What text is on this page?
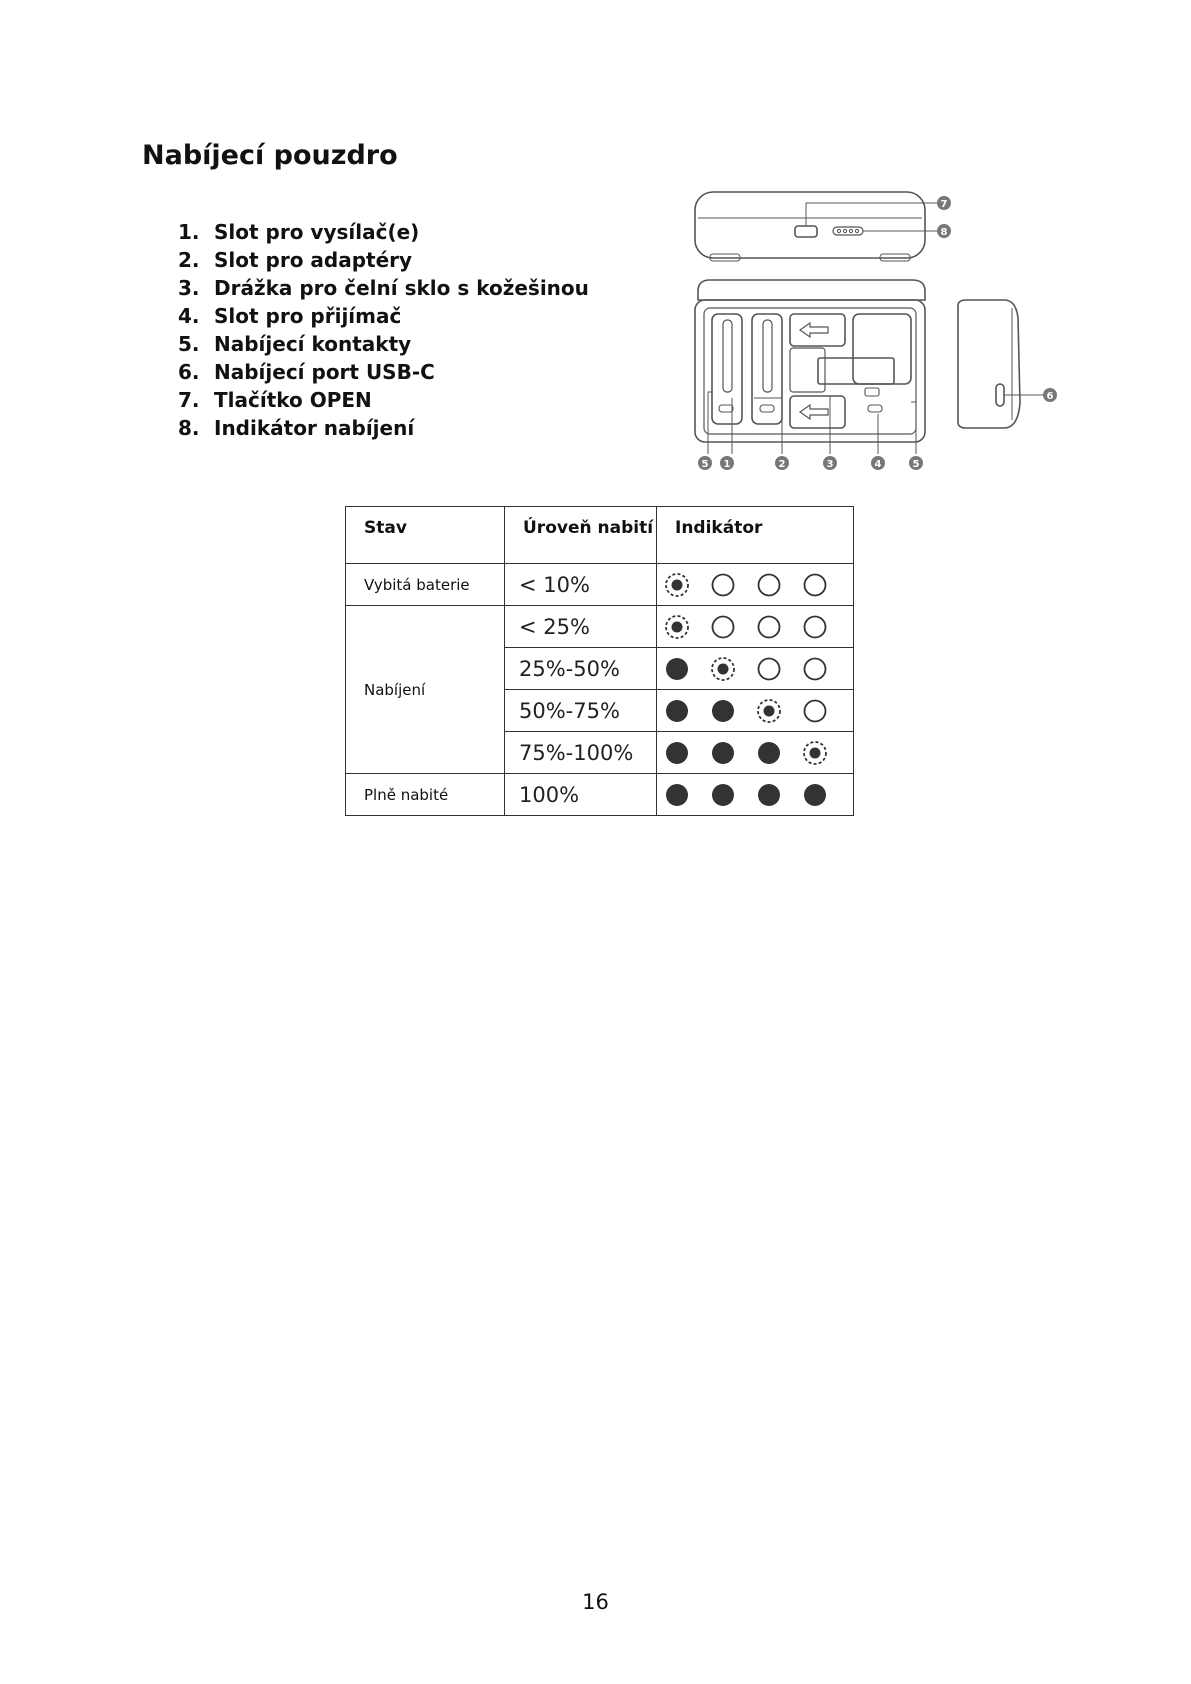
Nabíjecí pouzdro
1. Slot pro vysílač(e)
2. Slot pro adaptéry
3. Drážka pro čelní sklo s kožešinou
4. Slot pro přijímač
5. Nabíjecí kontakty
6. Nabíjecí port USB-C
7. Tlačítko OPEN
8. Indikátor nabíjení
7
8
6
5 1	2	3	4	5
Stav	Úroveň nabití	Indikátor
Vybitá baterie	< 10%	

Nabíjení	< 25%	

	25%-50%	

	50%-75%	

	75%-100%	

Plně nabité	100%	
16
